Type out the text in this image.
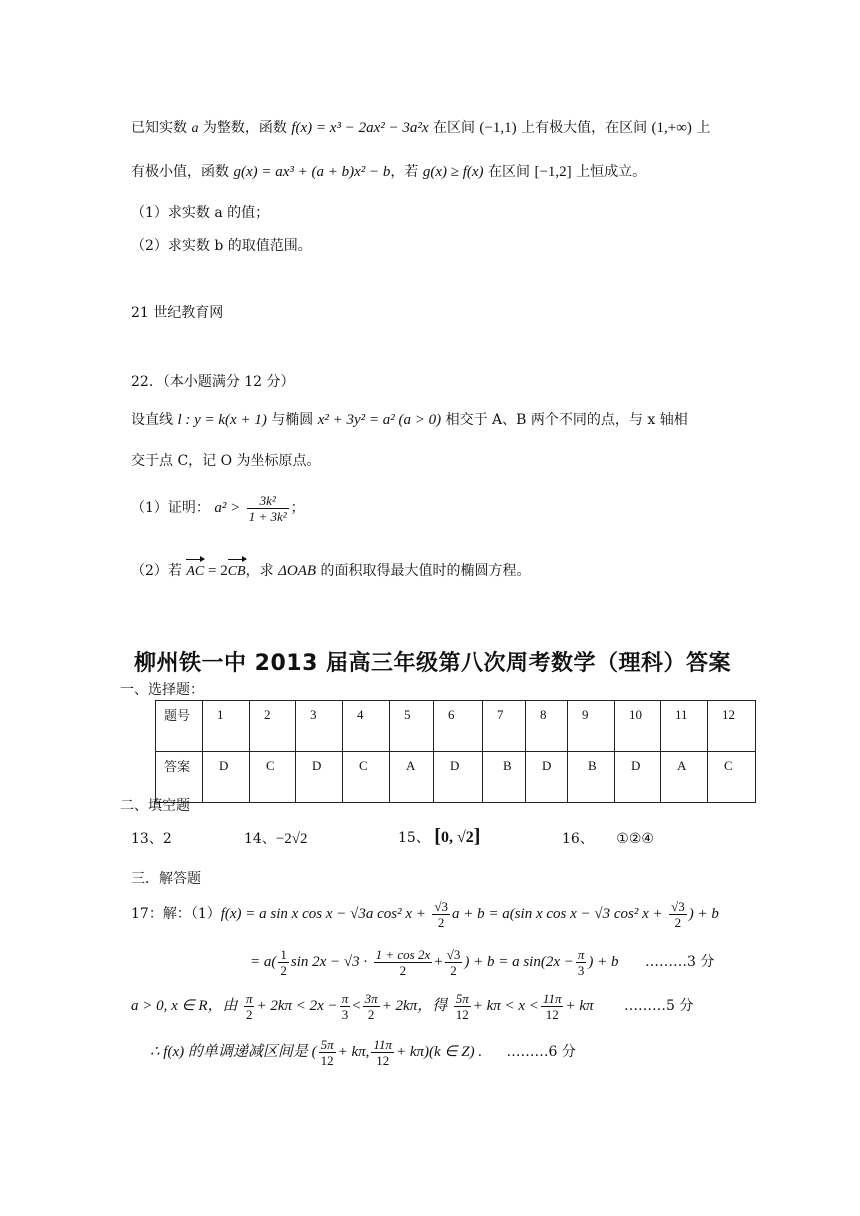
已知实数 a 为整数，函数 f(x) = x³ − 2ax² − 3a²x 在区间 (−1,1) 上有极大值，在区间 (1,+∞) 上
有极小值，函数 g(x) = ax³ + (a + b)x² − b，若 g(x) ≥ f(x) 在区间 [−1,2] 上恒成立。
（1）求实数 a 的值；
（2）求实数 b 的取值范围。
21 世纪教育网
22．（本小题满分 12 分）
设直线 l : y = k(x + 1) 与椭圆 x² + 3y² = a² (a > 0) 相交于 A、B 两个不同的点，与 x 轴相
交于点 C，记 O 为坐标原点。
（1）证明： $a^2 > \frac{\text{3k²}}{\text{1 + 3k²}}$ ；
（2）若 AC = 2CB，求 ΔOAB 的面积取得最大值时的椭圆方程。
柳州铁一中 2013 届高三年级第八次周考数学（理科）答案
一、选择题：
题号	1	2	3	4	5	6	7	8	9	10	11	12
答案	D	C	D	C	A	D	B	D	B	D	A	C
二、填空题
13、2	14、−2√2	15、 [0, √2]	16、 ①②④
三．解答题
17：解：（1）f(x) = a sin x cos x − √3a cos² $x + \frac{√3}{2}$ a + b = a(sin x cos x − √3 cos² $x + \frac{√3}{2}$ ) + b
= $a( \frac{1}{2}$ $\sin 2x - √3 \cdot \frac{1 + \cos 2x}{2} + \frac{√3}{2}$ ) + b = a $\sin(2x - \frac{\pi}{3}$ ) + b ………3 分
a > 0, x ∈ R，由 $\frac{\pi}{2} + 2k\pi < 2x - \frac{\pi}{3} < \frac{3\pi}{2} + 2k\pi$，得 $\frac{5\pi}{12} + k\pi < x < \frac{11\pi}{12} + k\pi$ ………5 分
∴ f(x) 的单调递减区间是 ( $\frac{5\pi}{12} + k\pi$, $\frac{11\pi}{12} + k\pi)(k$ ∈ Z) . ………6 分
